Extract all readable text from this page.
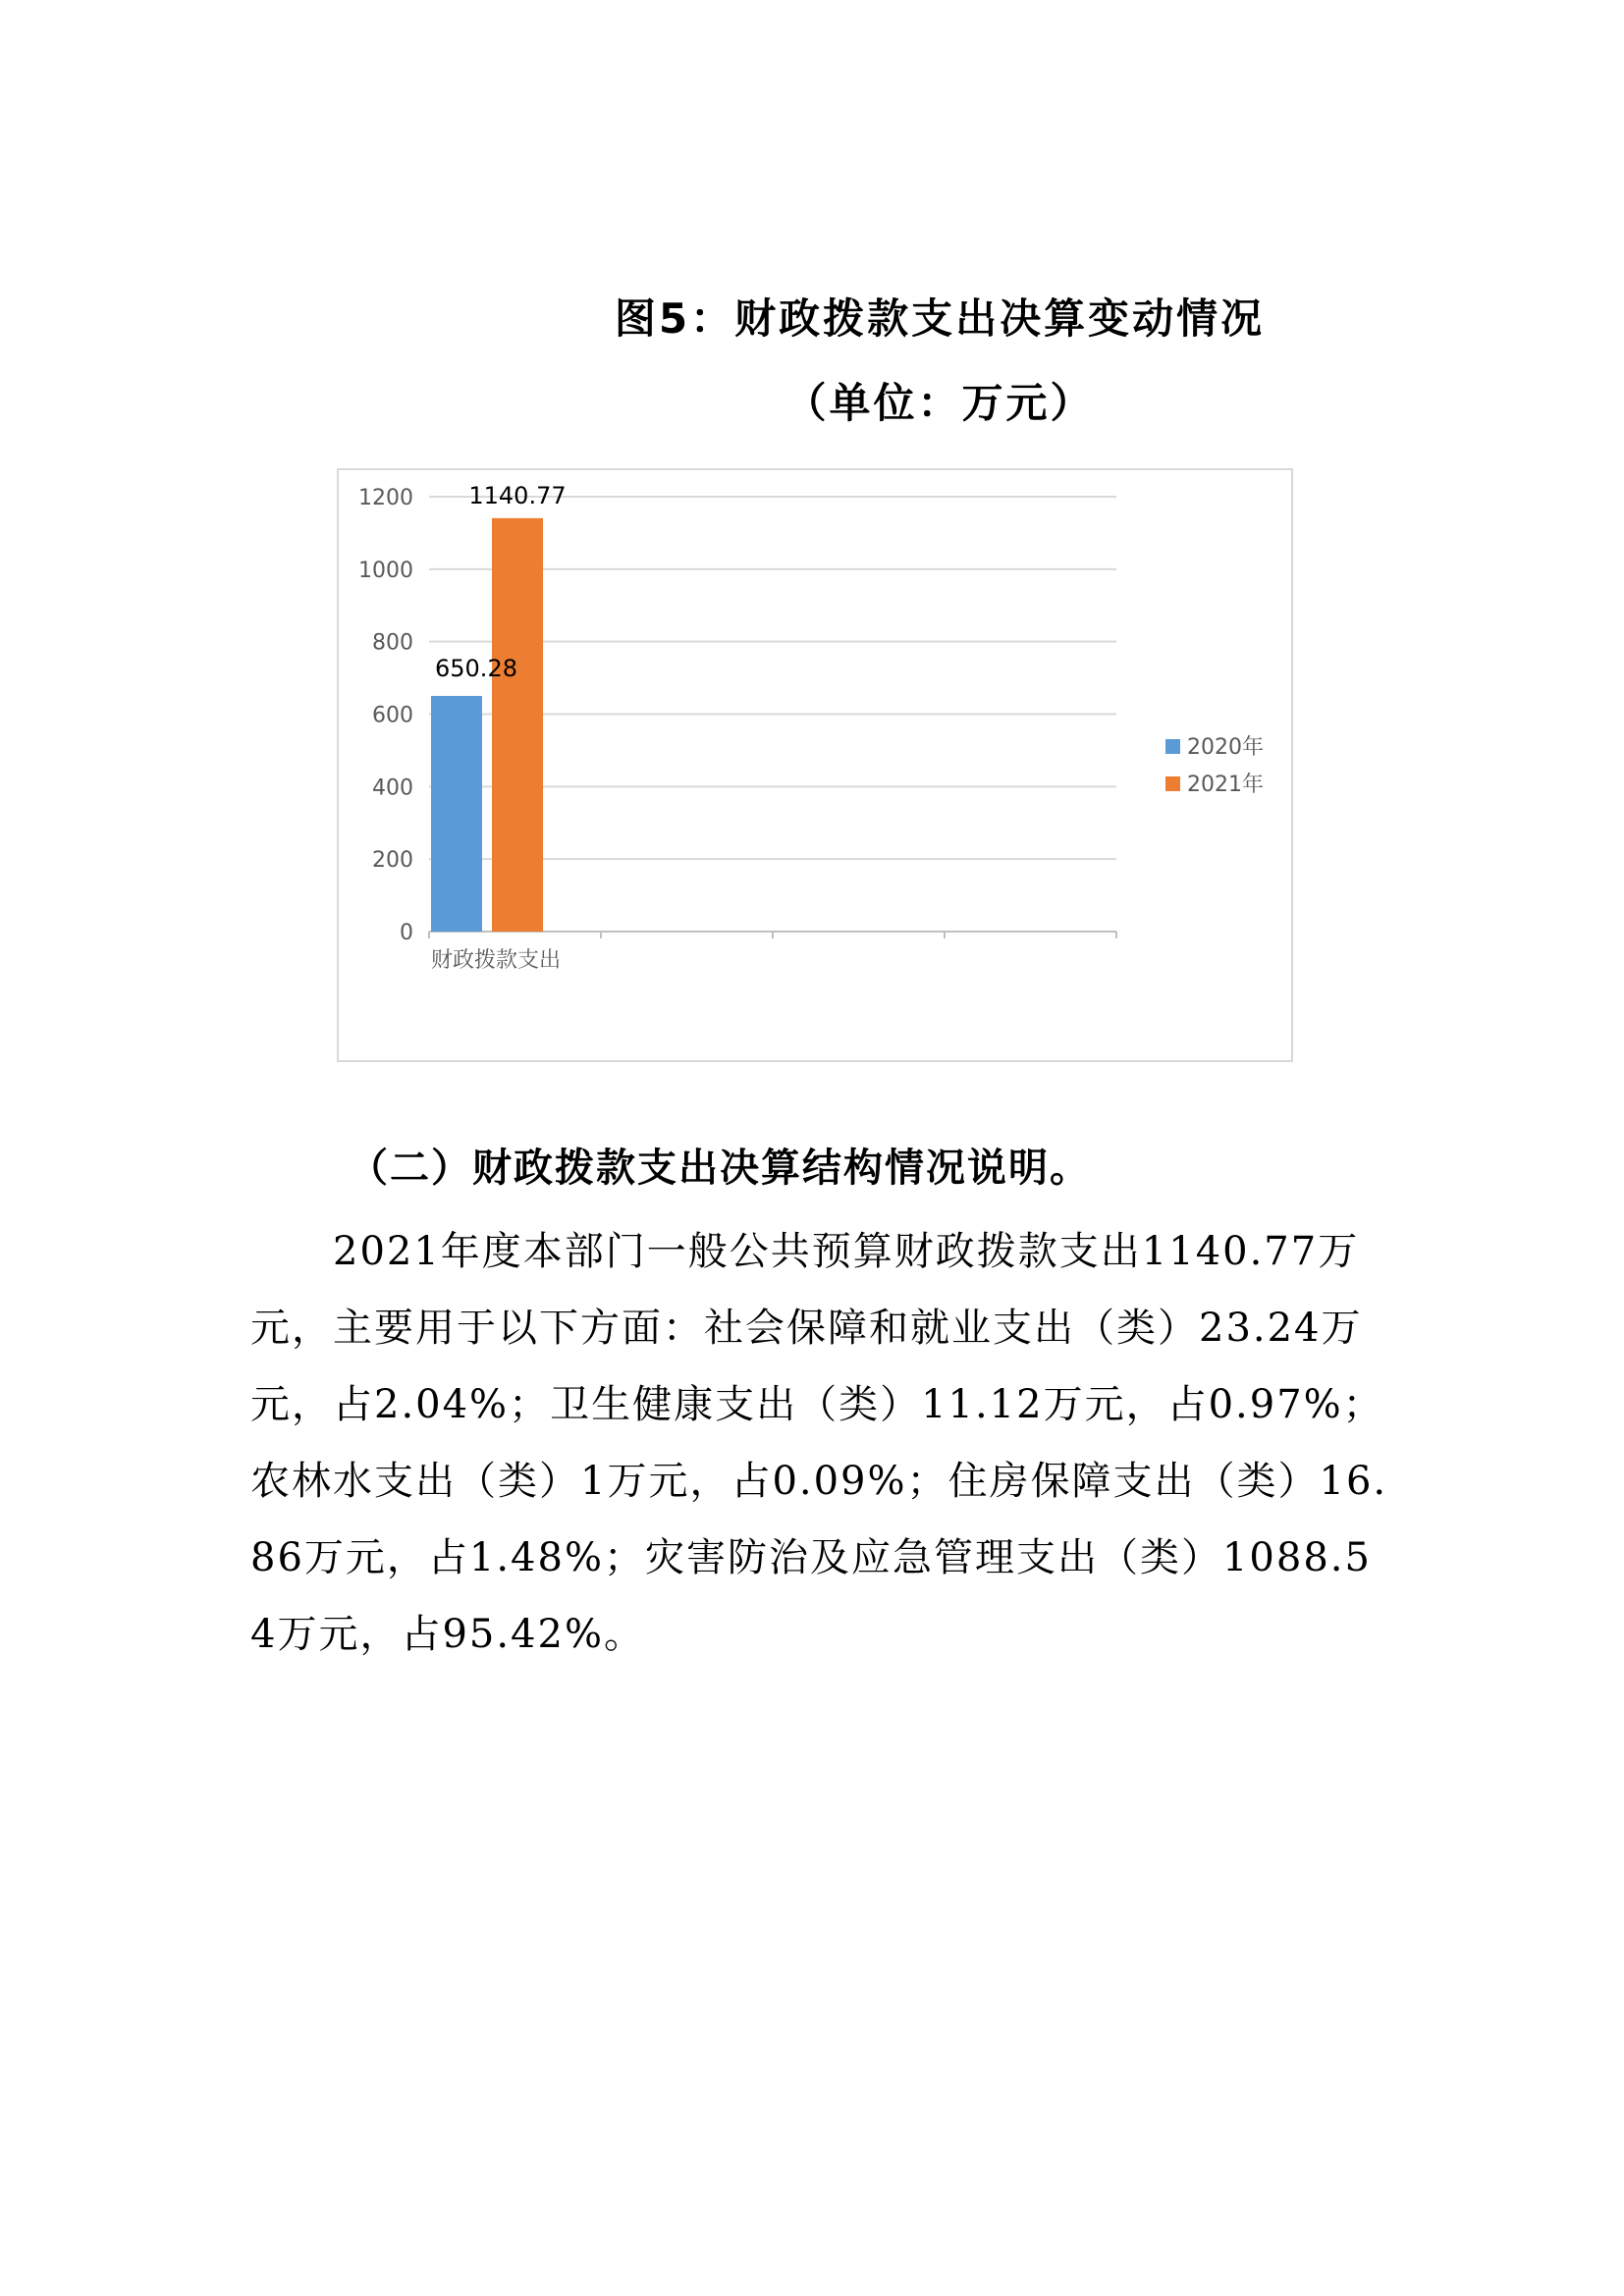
图5：财政拨款支出决算变动情况
（单位：万元）
0
200
400
600
800
1000
1200
650.28
1140.77
财政拨款支出
2020年
2021年
（二）财政拨款支出决算结构情况说明。

2021年度本部门一般公共预算财政拨款支出1140.77万元，主要用于以下方面：社会保障和就业支出（类）23.24万元，占2.04%；卫生健康支出（类）11.12万元，占0.97%；农林水支出（类）1万元，占0.09%；住房保障支出（类）16.86万元，占1.48%；灾害防治及应急管理支出（类）1088.54万元，占95.42%。
